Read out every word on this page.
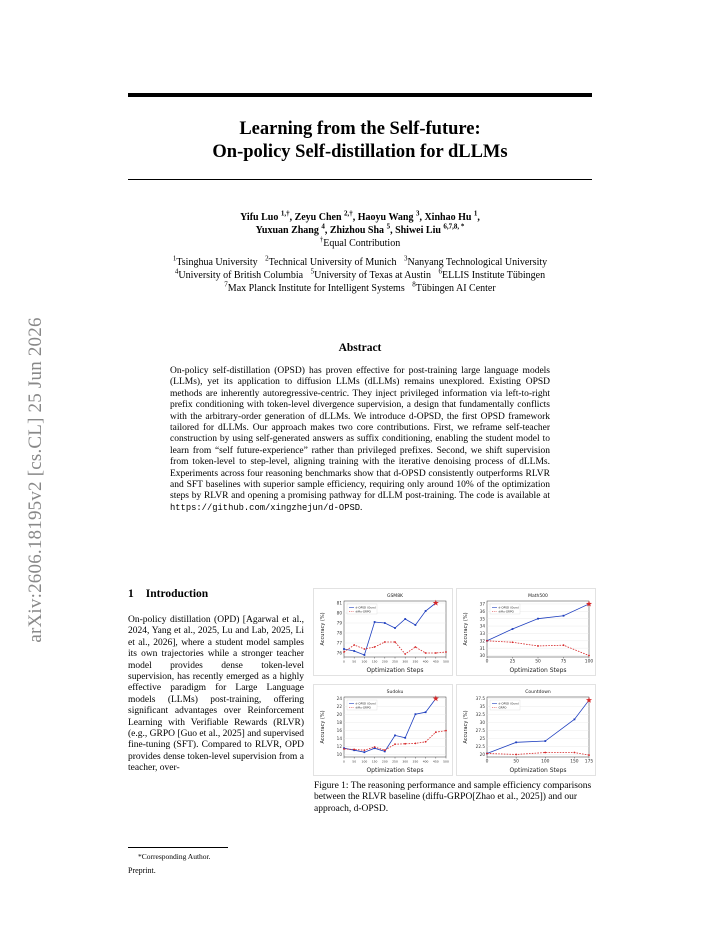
arXiv:2606.18195v2 [cs.CL] 25 Jun 2026
Learning from the Self-future:
On-policy Self-distillation for dLLMs
Yifu Luo $^{1,\dagger}$, Zeyu Chen $^{2,\dagger}$, Haoyu Wang $^3$, Xinhao Hu $^1$,
Yuxuan Zhang $^4$, Zhizhou Sha $^5$, Shiwei Liu $^{6,7,8, *}$
†Equal Contribution
$^1$Tsinghua University $^2$Technical University of Munich $^3$Nanyang Technological University
$^4$University of British Columbia $^5$University of Texas at Austin $^6$ELLIS Institute Tübingen
$^7$Max Planck Institute for Intelligent Systems $^8$Tübingen AI Center
Abstract
On-policy self-distillation (OPSD) has proven effective for post-training large language models (LLMs), yet its application to diffusion LLMs (dLLMs) remains unexplored. Existing OPSD methods are inherently autoregressive-centric. They inject privileged information via left-to-right prefix conditioning with token-level divergence supervision, a design that fundamentally conflicts with the arbitrary-order generation of dLLMs. We introduce d-OPSD, the first OPSD framework tailored for dLLMs. Our approach makes two core contributions. First, we reframe self-teacher construction by using self-generated answers as suffix conditioning, enabling the student model to learn from “self future-experience” rather than privileged prefixes. Second, we shift supervision from token-level to step-level, aligning training with the iterative denoising process of dLLMs. Experiments across four reasoning benchmarks show that d-OPSD consistently outperforms RLVR and SFT baselines with superior sample efficiency, requiring only around 10% of the optimization steps by RLVR and opening a promising pathway for dLLM post-training. The code is available at https://github.com/xingzhejun/d-OPSD.
1 Introduction
On-policy distillation (OPD) [Agarwal et al., 2024, Yang et al., 2025, Lu and Lab, 2025, Li et al., 2026], where a student model samples its own trajectories while a stronger teacher model provides dense token-level supervision, has recently emerged as a highly effective paradigm for Large Language models (LLMs) post-training, offering significant advantages over Reinforcement Learning with Verifiable Rewards (RLVR) (e.g., GRPO [Guo et al., 2025] and supervised fine-tuning (SFT). Compared to RLVR, OPD provides dense token-level supervision from a teacher, over-
*Corresponding Author.
Preprint.
GSM8K
76
77
78
79
80
81
0 50 100 150 200 250 300 350 400 450 500
Optimization Steps
Accuracy (%)
d-OPSD (Ours)
diffu-GRPO
Math500
30
31
32
33
34
35
36
37
0	25	50	75	100
Optimization Steps
Accuracy (%)
d-OPSD (Ours)
diffu-GRPO
Sudoku
10
12
14
16
18
20
22
24
0 50 100 150 200 250 300 350 400 450 500
Optimization Steps
Accuracy (%)
d-OPSD (Ours)
diffu-GRPO
Countdown
20
22.5
25
27.5
30
32.5
35
37.5
0	50	100	150 175
Optimization Steps
Accuracy (%)
d-OPSD (Ours)
GRPO
Figure 1: The reasoning performance and sample efficiency comparisons between the RLVR baseline (diffu-GRPO[Zhao et al., 2025]) and our approach, d-OPSD.
